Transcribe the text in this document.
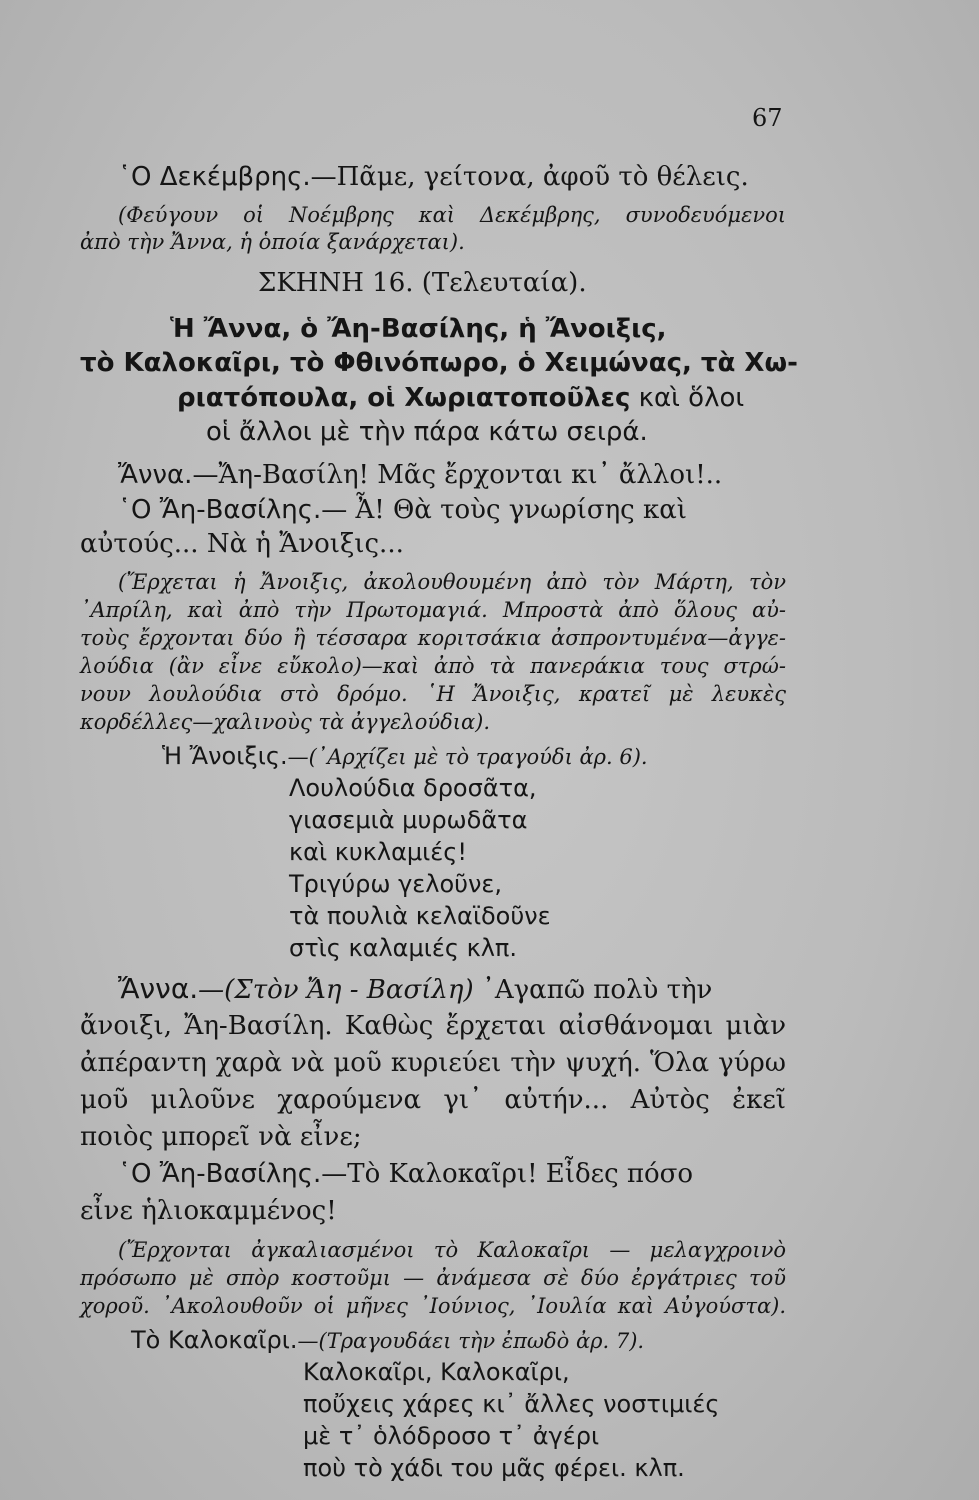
67
῾Ο Δεκέμβρης.—Πᾶμε, γείτονα, ἀφοῦ τὸ θέλεις.
(Φεύγουν οἱ Νοέμβρης καὶ Δεκέμβρης, συνοδευόμενοι
ἀπὸ τὴν Ἄννα, ἡ ὁποία ξανάρχεται).
ΣΚΗΝΗ 16. (Τελευταία).
Ἡ Ἄννα, ὁ Ἄη-Βασίλης, ἡ Ἄνοιξις,
τὸ Καλοκαῖρι, τὸ Φθινόπωρο, ὁ Χειμώνας, τὰ Χω-
ριατόπουλα, οἱ Χωριατοποῦλες καὶ ὅλοι
οἱ ἄλλοι μὲ τὴν πάρα κάτω σειρά.
Ἄννα.—Ἄη-Βασίλη! Μᾶς ἔρχονται κι᾽ ἄλλοι!..
῾Ο Ἄη-Βασίλης.— Ἆ! Θὰ τοὺς γνωρίσης καὶ
αὐτούς... Νὰ ἡ Ἄνοιξις...
(Ἔρχεται ἡ Ἄνοιξις, ἀκολουθουμένη ἀπὸ τὸν Μάρτη, τὸν
᾽Απρίλη, καὶ ἀπὸ τὴν Πρωτομαγιά. Μπροστὰ ἀπὸ ὅλους αὐ-
τοὺς ἔρχονται δύο ἢ τέσσαρα κοριτσάκια ἀσπροντυμένα—ἀγγε-
λούδια (ἂν εἶνε εὔκολο)—καὶ ἀπὸ τὰ πανεράκια τους στρώ-
νουν λουλούδια στὸ δρόμο. ῾Η Ἄνοιξις, κρατεῖ μὲ λευκὲς
κορδέλλες—χαλινοὺς τὰ ἀγγελούδια).
Ἡ Ἄνοιξις.—(᾽Αρχίζει μὲ τὸ τραγούδι ἀρ. 6).
Λουλούδια δροσᾶτα,
γιασεμιὰ μυρωδᾶτα
καὶ κυκλαμιές!
Τριγύρω γελοῦνε,
τὰ πουλιὰ κελαϊδοῦνε
στὶς καλαμιές κλπ.
Ἄννα.—(Στὸν Ἄη - Βασίλη) ᾽Αγαπῶ πολὺ τὴν
ἄνοιξι, Ἄη-Βασίλη. Καθὼς ἔρχεται αἰσθάνομαι μιὰν
ἀπέραντη χαρὰ νὰ μοῦ κυριεύει τὴν ψυχή. Ὅλα γύρω
μοῦ μιλοῦνε χαρούμενα γι᾽ αὐτήν... Αὐτὸς ἐκεῖ
ποιὸς μπορεῖ νὰ εἶνε;
῾Ο Ἄη-Βασίλης.—Τὸ Καλοκαῖρι! Εἶδες πόσο
εἶνε ἡλιοκαμμένος!
(Ἔρχονται ἀγκαλιασμένοι τὸ Καλοκαῖρι — μελαγχροινὸ
πρόσωπο μὲ σπὸρ κοστοῦμι — ἀνάμεσα σὲ δύο ἐργάτριες τοῦ
χοροῦ. ᾽Ακολουθοῦν οἱ μῆνες ᾽Ιούνιος, ᾽Ιουλία καὶ Αὐγούστα).
Τὸ Καλοκαῖρι.—(Τραγουδάει τὴν ἐπωδὸ ἀρ. 7).
Καλοκαῖρι, Καλοκαῖρι,
ποὔχεις χάρες κι᾽ ἄλλες νοστιμιές
μὲ τ᾽ ὁλόδροσο τ᾽ ἀγέρι
ποὺ τὸ χάδι του μᾶς φέρει. κλπ.
